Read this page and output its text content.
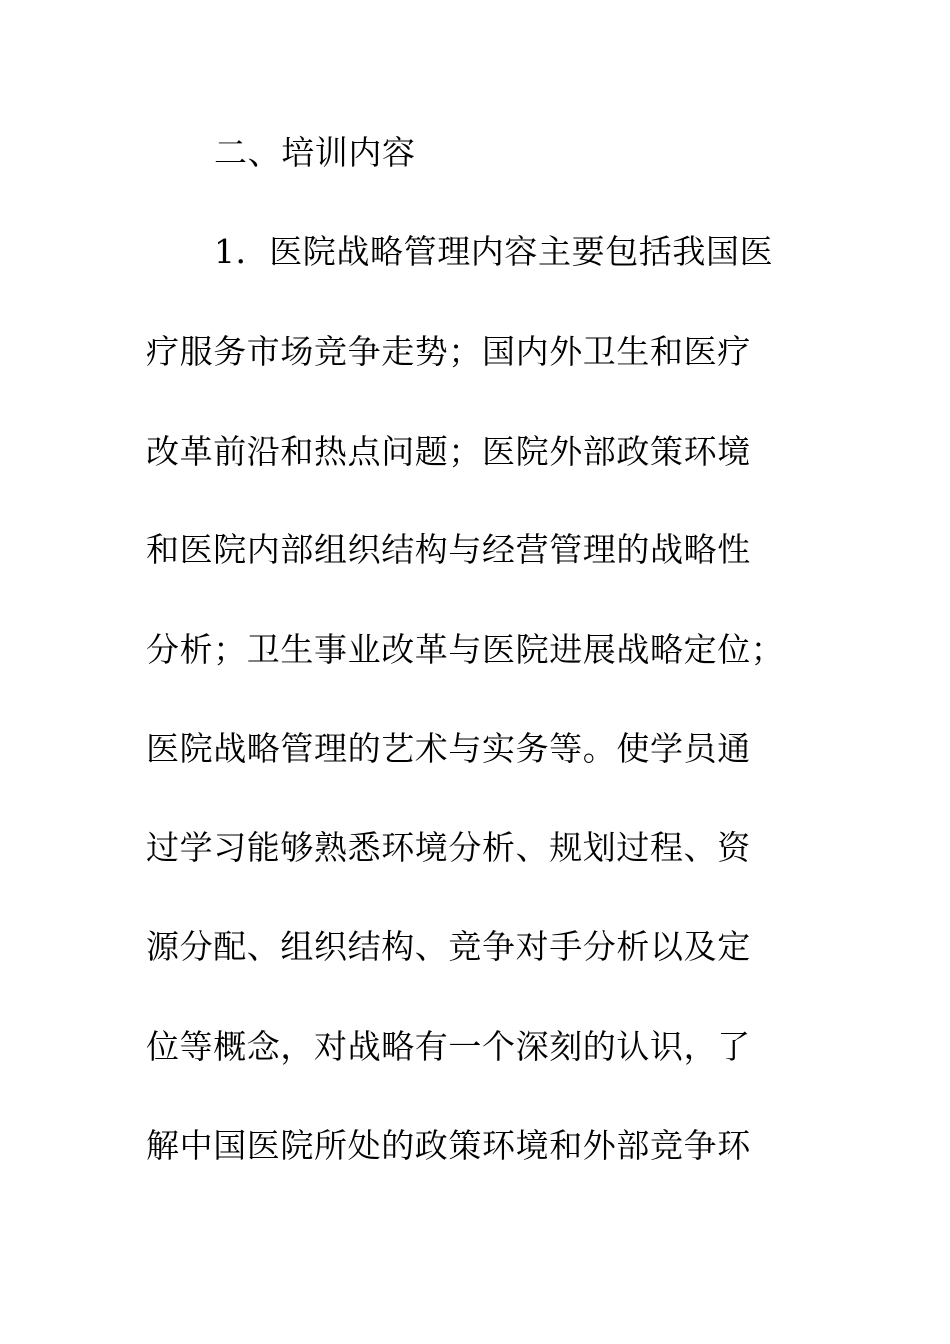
二、培训内容
1．医院战略管理内容主要包括我国医
疗服务市场竞争走势；国内外卫生和医疗
改革前沿和热点问题；医院外部政策环境
和医院内部组织结构与经营管理的战略性
分析；卫生事业改革与医院进展战略定位；
医院战略管理的艺术与实务等。使学员通
过学习能够熟悉环境分析、规划过程、资
源分配、组织结构、竞争对手分析以及定
位等概念，对战略有一个深刻的认识，了
解中国医院所处的政策环境和外部竞争环
